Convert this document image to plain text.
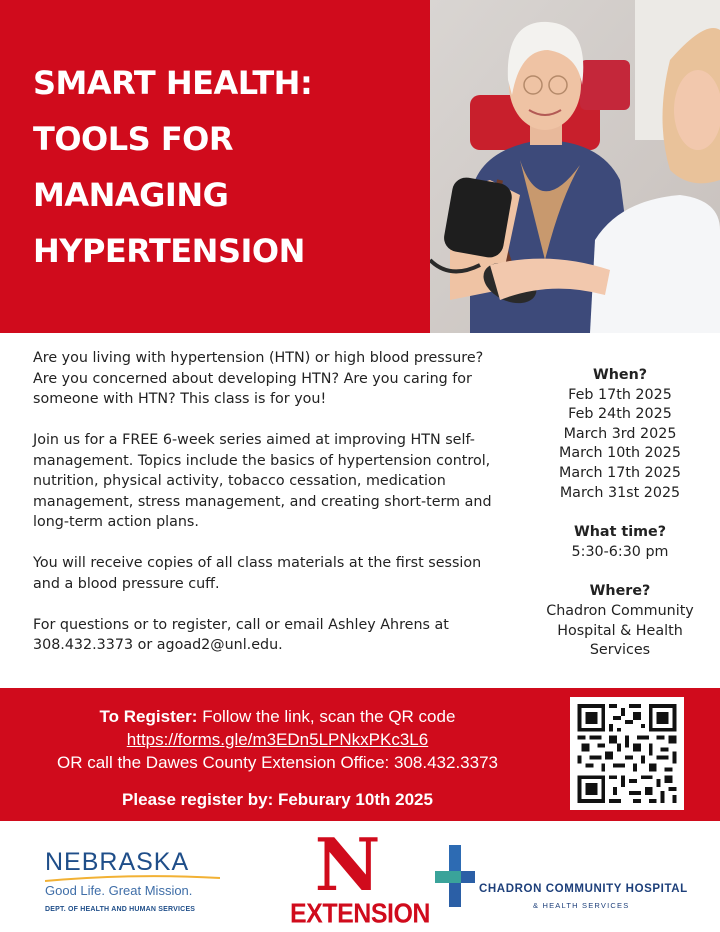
SMART HEALTH:
TOOLS FOR
MANAGING
HYPERTENSION

Are you living with hypertension (HTN) or high blood pressure? Are you concerned about developing HTN? Are you caring for someone with HTN? This class is for you!

Join us for a FREE 6-week series aimed at improving HTN self-management. Topics include the basics of hypertension control, nutrition, physical activity, tobacco cessation, medication management, stress management, and creating short-term and long-term action plans.

You will receive copies of all class materials at the first session and a blood pressure cuff.

For questions or to register, call or email Ashley Ahrens at 308.432.3373 or agoad2@unl.edu.

When?
Feb 17th 2025
Feb 24th 2025
March 3rd 2025
March 10th 2025
March 17th 2025
March 31st 2025
What time?
5:30-6:30 pm
Where?
Chadron Community
Hospital & Health
Services
To Register: Follow the link, scan the QR code
https://forms.gle/m3EDn5LPNkxPKc3L6
OR call the Dawes County Extension Office: 308.432.3373
Please register by: Feburary 10th 2025
NEBRASKA
Good Life. Great Mission.
DEPT. OF HEALTH AND HUMAN SERVICES
N
EXTENSION
CHADRON COMMUNITY HOSPITAL
& HEALTH SERVICES
